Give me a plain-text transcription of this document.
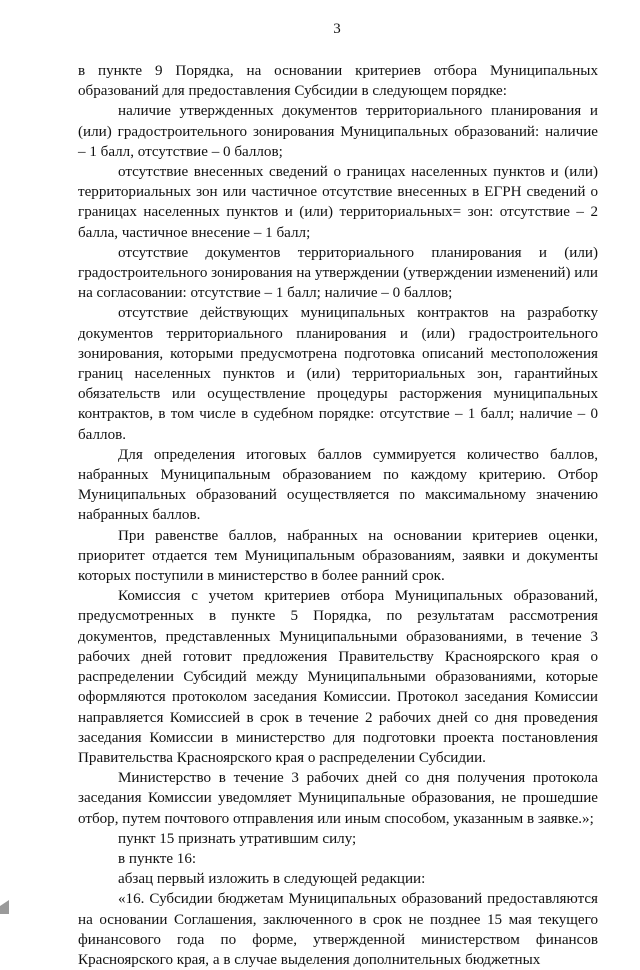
3

в пункте 9 Порядка, на основании критериев отбора Муниципальных образований для предоставления Субсидии в следующем порядке:

наличие утвержденных документов территориального планирования и (или) градостроительного зонирования Муниципальных образований: наличие – 1 балл, отсутствие – 0 баллов;

отсутствие внесенных сведений о границах населенных пунктов и (или) территориальных зон или частичное отсутствие внесенных в ЕГРН сведений о границах населенных пунктов и (или) территориальных= зон: отсутствие – 2 балла, частичное внесение – 1 балл;

отсутствие документов территориального планирования и (или) градостроительного зонирования на утверждении (утверждении изменений) или на согласовании: отсутствие – 1 балл; наличие – 0 баллов;

отсутствие действующих муниципальных контрактов на разработку документов территориального планирования и (или) градостроительного зонирования, которыми предусмотрена подготовка описаний местоположения границ населенных пунктов и (или) территориальных зон, гарантийных обязательств или осуществление процедуры расторжения муниципальных контрактов, в том числе в судебном порядке: отсутствие – 1 балл; наличие – 0 баллов.

Для определения итоговых баллов суммируется количество баллов, набранных Муниципальным образованием по каждому критерию. Отбор Муниципальных образований осуществляется по максимальному значению набранных баллов.

При равенстве баллов, набранных на основании критериев оценки, приоритет отдается тем Муниципальным образованиям, заявки и документы которых поступили в министерство в более ранний срок.

Комиссия с учетом критериев отбора Муниципальных образований, предусмотренных в пункте 5 Порядка, по результатам рассмотрения документов, представленных Муниципальными образованиями, в течение 3 рабочих дней готовит предложения Правительству Красноярского края о распределении Субсидий между Муниципальными образованиями, которые оформляются протоколом заседания Комиссии. Протокол заседания Комиссии направляется Комиссией в срок в течение 2 рабочих дней со дня проведения заседания Комиссии в министерство для подготовки проекта постановления Правительства Красноярского края о распределении Субсидии.

Министерство в течение 3 рабочих дней со дня получения протокола заседания Комиссии уведомляет Муниципальные образования, не прошедшие отбор, путем почтового отправления или иным способом, указанным в заявке.»;

пункт 15 признать утратившим силу;

в пункте 16:

абзац первый изложить в следующей редакции:

«16. Субсидии бюджетам Муниципальных образований предоставляются на основании Соглашения, заключенного в срок не позднее 15 мая текущего финансового года по форме, утвержденной министерством финансов Красноярского края, а в случае выделения дополнительных бюджетных
